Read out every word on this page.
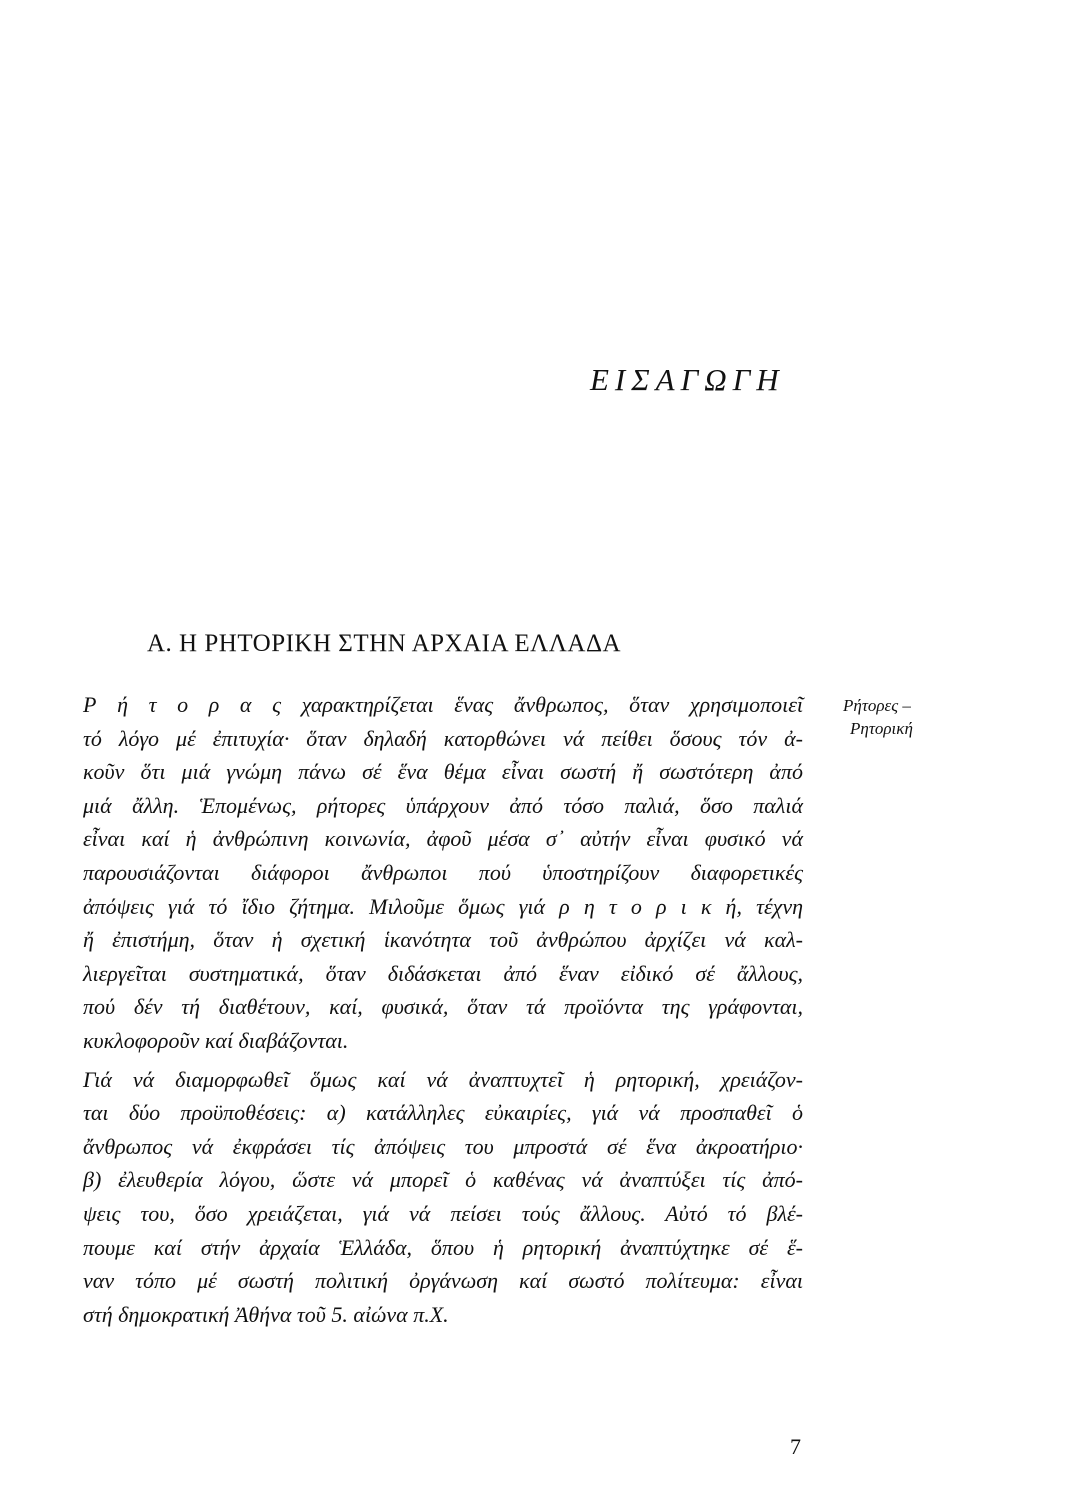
ΕΙΣΑΓΩΓΗ
Α. Η ΡΗΤΟΡΙΚΗ ΣΤΗΝ ΑΡΧΑΙΑ ΕΛΛΑΔΑ
Ρήτορες –
Ρητορική
Ρ ή τ ο ρ α ς χαρακτηρίζεται ἕνας ἄνθρωπος, ὅταν χρησιμοποιεῖ
τό λόγο μέ ἐπιτυχία· ὅταν δηλαδή κατορθώνει νά πείθει ὅσους τόν ἀ-
κοῦν ὅτι μιά γνώμη πάνω σέ ἕνα θέμα εἶναι σωστή ἤ σωστότερη ἀπό
μιά ἄλλη. Ἑπομένως, ρήτορες ὑπάρχουν ἀπό τόσο παλιά, ὅσο παλιά
εἶναι καί ἡ ἀνθρώπινη κοινωνία, ἀφοῦ μέσα σ᾽ αὐτήν εἶναι φυσικό νά
παρουσιάζονται διάφοροι ἄνθρωποι πού ὑποστηρίζουν διαφορετικές
ἀπόψεις γιά τό ἴδιο ζήτημα. Μιλοῦμε ὅμως γιά ρ η τ ο ρ ι κ ή, τέχνη
ἤ ἐπιστήμη, ὅταν ἡ σχετική ἱκανότητα τοῦ ἀνθρώπου ἀρχίζει νά καλ-
λιεργεῖται συστηματικά, ὅταν διδάσκεται ἀπό ἕναν εἰδικό σέ ἄλλους,
πού δέν τή διαθέτουν, καί, φυσικά, ὅταν τά προϊόντα της γράφονται,
κυκλοφοροῦν καί διαβάζονται.
Γιά νά διαμορφωθεῖ ὅμως καί νά ἀναπτυχτεῖ ἡ ρητορική, χρειάζον-
ται δύο προϋποθέσεις: α) κατάλληλες εὐκαιρίες, γιά νά προσπαθεῖ ὁ
ἄνθρωπος νά ἐκφράσει τίς ἀπόψεις του μπροστά σέ ἕνα ἀκροατήριο·
β) ἐλευθερία λόγου, ὥστε νά μπορεῖ ὁ καθένας νά ἀναπτύξει τίς ἀπό-
ψεις του, ὅσο χρειάζεται, γιά νά πείσει τούς ἄλλους. Αὐτό τό βλέ-
πουμε καί στήν ἀρχαία Ἑλλάδα, ὅπου ἡ ρητορική ἀναπτύχτηκε σέ ἕ-
ναν τόπο μέ σωστή πολιτική ὀργάνωση καί σωστό πολίτευμα: εἶναι
στή δημοκρατική Ἀθήνα τοῦ 5. αἰώνα π.Χ.
7
